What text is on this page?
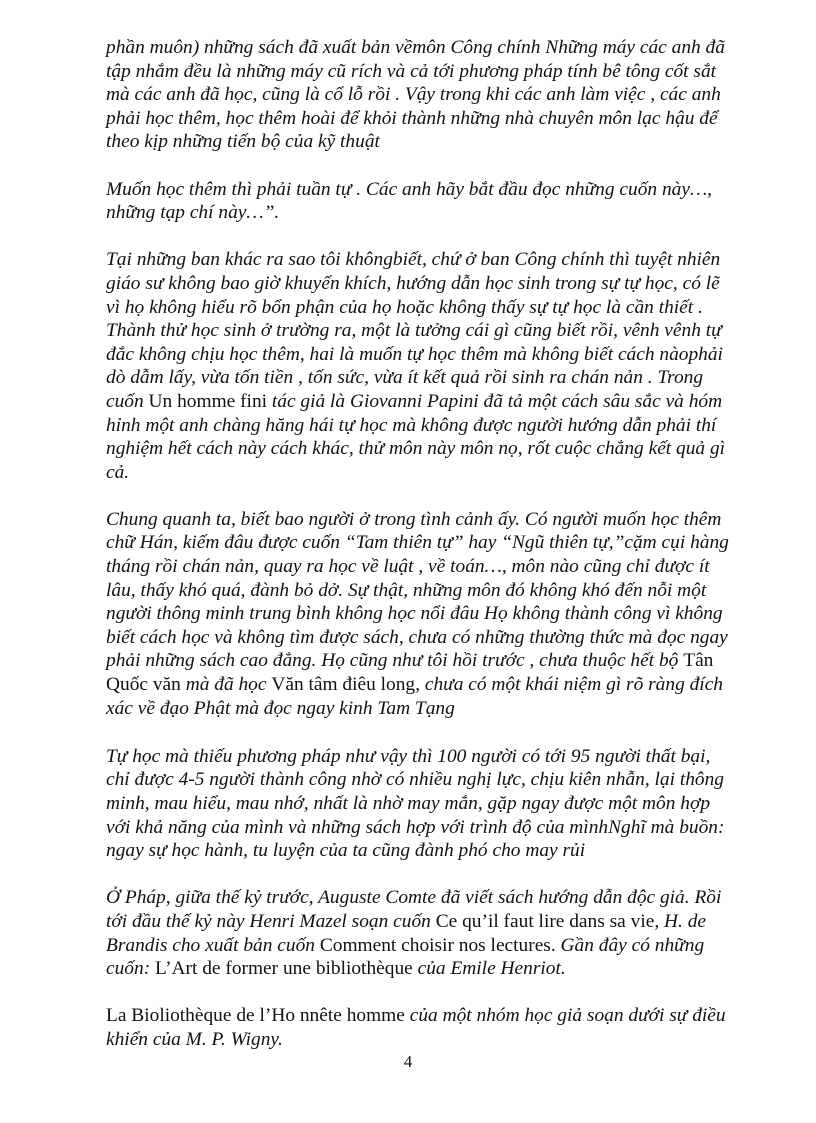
phần muôn) những sách đã xuất bản vềmôn Công chính Những máy các anh đã
tập nhắm đều là những máy cũ rích và cả tới phương pháp tính bê tông cốt sắt
mà các anh đã học, cũng là cổ lỗ rồi . Vậy trong khi các anh làm việc , các anh
phải học thêm, học thêm hoài để khỏi thành những nhà chuyên môn lạc hậu để
theo kịp những tiến bộ của kỹ thuật
Muốn học thêm thì phải tuần tự . Các anh hãy bắt đầu đọc những cuốn này…,
những tạp chí này…”.
Tại những ban khác ra sao tôi khôngbiết, chứ ở ban Công chính thì tuyệt nhiên
giáo sư không bao giờ khuyến khích, hướng dẫn học sinh trong sự tự học, có lẽ
vì họ không hiểu rõ bổn phận của họ hoặc không thấy sự tự học là cần thiết .
Thành thử học sinh ở trường ra, một là tưởng cái gì cũng biết rồi, vênh vênh tự
đắc không chịu học thêm, hai là muốn tự học thêm mà không biết cách nàophải
dò dẫm lấy, vừa tốn tiền , tốn sức, vừa ít kết quả rồi sinh ra chán nản . Trong
cuốn Un homme fini tác giả là Giovanni Papini đã tả một cách sâu sắc và hóm
hỉnh một anh chàng hăng hái tự học mà không được người hướng dẫn phải thí
nghiệm hết cách này cách khác, thử môn này môn nọ, rốt cuộc chẳng kết quả gì
cả.
Chung quanh ta, biết bao người ở trong tình cảnh ấy. Có người muốn học thêm
chữ Hán, kiếm đâu được cuốn “Tam thiên tự” hay “Ngũ thiên tự,”cặm cụi hàng
tháng rồi chán nản, quay ra học về luật , về toán…, môn nào cũng chỉ được ít
lâu, thấy khó quá, đành bỏ dở. Sự thật, những môn đó không khó đến nỗi một
người thông minh trung bình không học nổi đâu Họ không thành công vì không
biết cách học và không tìm được sách, chưa có những thường thức mà đọc ngay
phải những sách cao đẳng. Họ cũng như tôi hồi trước , chưa thuộc hết bộ Tân
Quốc văn mà đã học Văn tâm điêu long, chưa có một khái niệm gì rõ ràng đích
xác về đạo Phật mà đọc ngay kinh Tam Tạng
Tự học mà thiếu phương pháp như vậy thì 100 người có tới 95 người thất bại,
chỉ được 4-5 người thành công nhờ có nhiều nghị lực, chịu kiên nhẫn, lại thông
minh, mau hiểu, mau nhớ, nhất là nhờ may mắn, gặp ngay được một môn hợp
với khả năng của mình và những sách hợp với trình độ của mìnhNghĩ mà buồn:
ngay sự học hành, tu luyện của ta cũng đành phó cho may rủi
Ở Pháp, giữa thế kỷ trước, Auguste Comte đã viết sách hướng dẫn độc giả. Rồi
tới đầu thế kỷ này Henri Mazel soạn cuốn Ce qu’il faut lire dans sa vie, H. de
Brandis cho xuất bản cuốn Comment choisir nos lectures. Gần đây có những
cuốn: L’Art de former une bibliothèque của Emile Henriot.
La Bioliothèque de l’Ho nnête homme của một nhóm học giả soạn dưới sự điều
khiển của M. P. Wigny.
4
